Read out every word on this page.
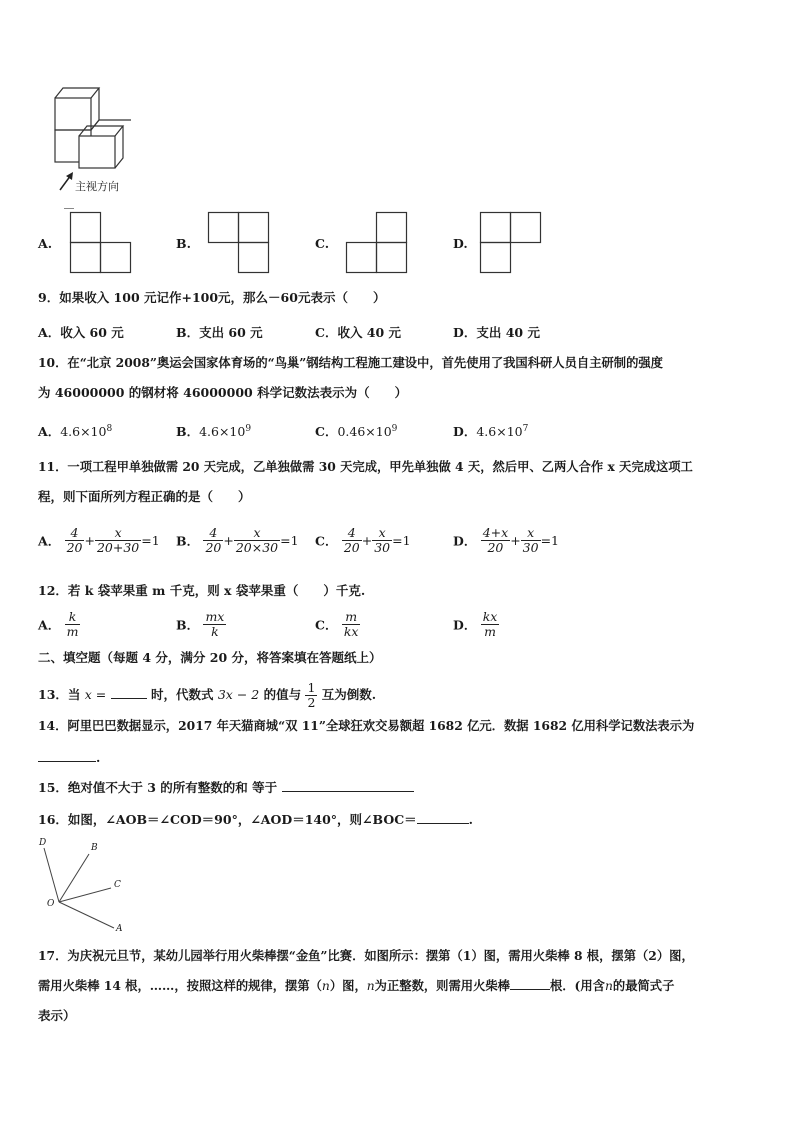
主视方向
A.	B.	C.	D.
9．如果收入 100 元记作+100元，那么－60元表示（　　）
A．收入 60 元	B．支出 60 元	C．收入 40 元	D．支出 40 元
10．在“北京 2008”奥运会国家体育场的“鸟巢”钢结构工程施工建设中，首先使用了我国科研人员自主研制的强度
为 46000000 的钢材将 46000000 科学记数法表示为（　　）
A．$4.6\times 10^8$	B．$4.6\times 10^9$	C．$0.46\times 10^9$	D．$4.6\times 10^7$
11．一项工程甲单独做需 20 天完成，乙单独做需 30 天完成，甲先单独做 4 天，然后甲、乙两人合作 x 天完成这项工
程，则下面所列方程正确的是（　　）
A． $\frac{4}{20} + \frac{x}{20+30} =1$ B． $\frac{4}{20} + \frac{x}{20\times 30} =1$ C． $\frac{4}{20} + \frac{x}{30} =1$	D． $\frac{4+x}{20} + \frac{x}{30} =1$
12．若 k 袋苹果重 m 千克，则 x 袋苹果重（　　）千克.
A． $\frac{k}{m}$	B． $\frac{mx}{k}$	C． $\frac{m}{kx}$	D． $\frac{kx}{m}$
二、填空题（每题 4 分，满分 20 分，将答案填在答题纸上）
13．当 x =	时，代数式 3x − 2 的值与 $\frac{1}{2}$ 互为倒数.
14．阿里巴巴数据显示，2017 年天猫商城“双 11”全球狂欢交易额超 1682 亿元．数据 1682 亿用科学记数法表示为
.
15．绝对值不大于 3 的所有整数的和 等于
16．如图，∠AOB＝∠COD＝90°，∠AOD＝140°，则∠BOC＝	.
D	B
C
O
A
17．为庆祝元旦节，某幼儿园举行用火柴棒摆“金鱼”比赛．如图所示：摆第（1）图，需用火柴棒 8 根，摆第（2）图，
需用火柴棒 14 根，……，按照这样的规律，摆第（n）图，n为正整数，则需用火柴棒	根．(用含n的最简式子
表示）
